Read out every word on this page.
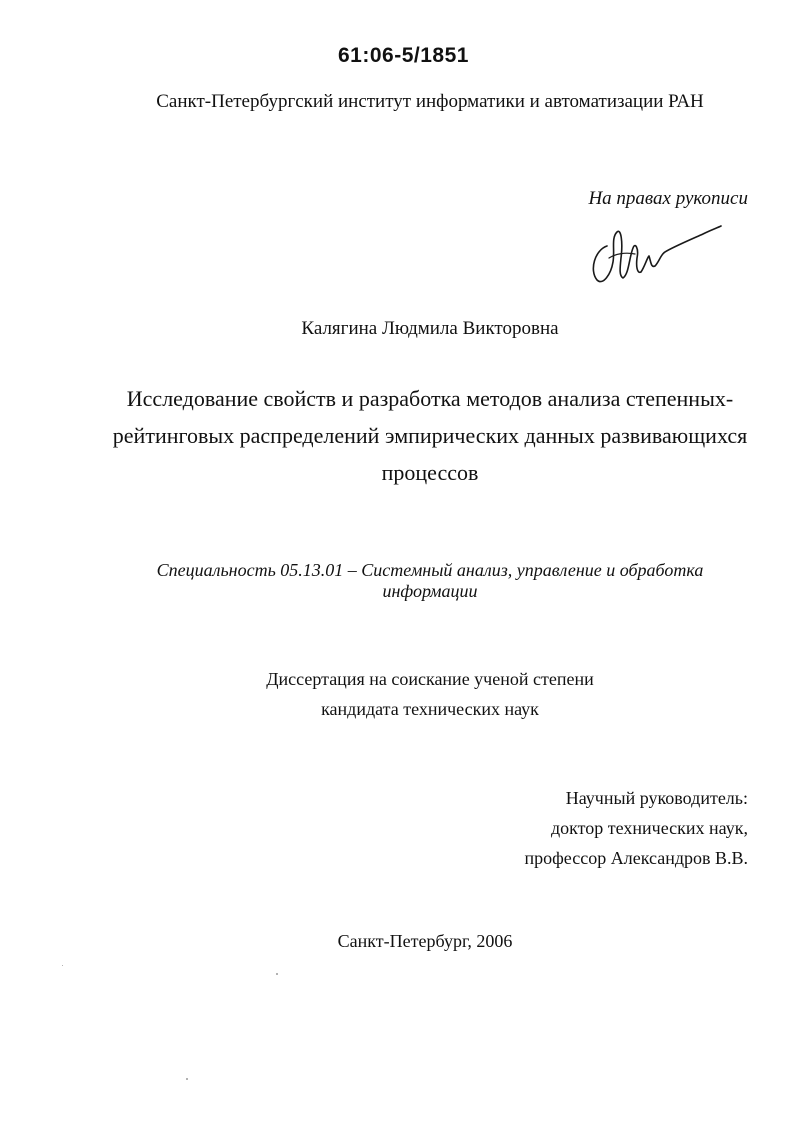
61:06-5/1851
Санкт-Петербургский институт информатики и автоматизации РАН
На правах рукописи
Калягина Людмила Викторовна
Исследование свойств и разработка методов анализа степенных-
рейтинговых распределений эмпирических данных развивающихся
процессов
Специальность 05.13.01 – Системный анализ, управление и обработка
информации
Диссертация на соискание ученой степени
кандидата технических наук
Научный руководитель:
доктор технических наук,
профессор Александров В.В.
Санкт-Петербург, 2006
